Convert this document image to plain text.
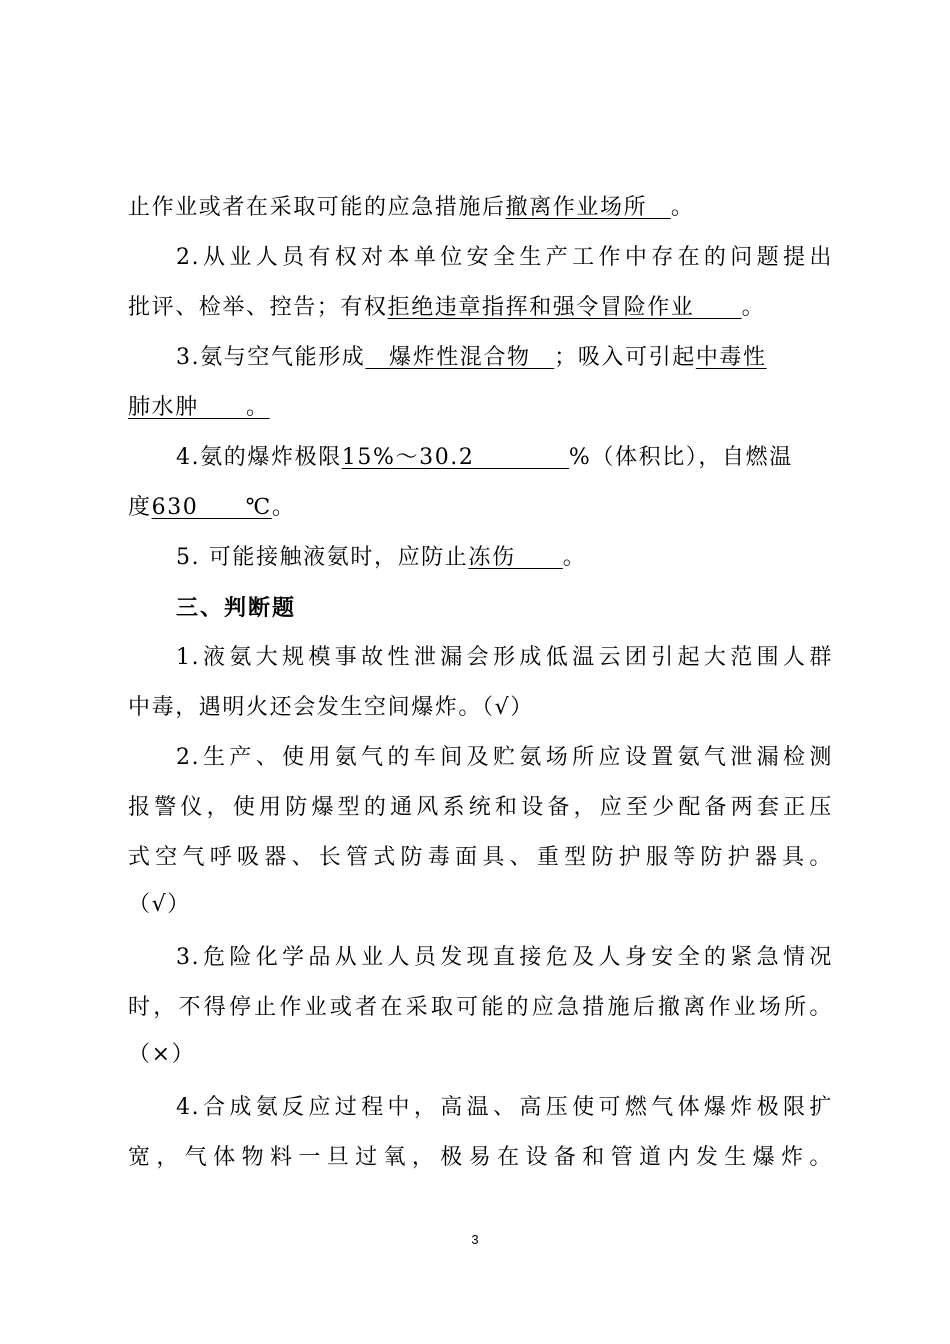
止作业或者在采取可能的应急措施后撤离作业场所　。
2.从业人员有权对本单位安全生产工作中存在的问题提出
批评、检举、控告；有权拒绝违章指挥和强令冒险作业　　。
3.氨与空气能形成　爆炸性混合物　；吸入可引起中毒性
肺水肿　　。
4.氨的爆炸极限15%～30.2　　　　%（体积比），自燃温
度630　　℃。
5. 可能接触液氨时，应防止冻伤　　。
三、判断题
1.液氨大规模事故性泄漏会形成低温云团引起大范围人群
中毒，遇明火还会发生空间爆炸。（√）
2.生产、使用氨气的车间及贮氨场所应设置氨气泄漏检测
报警仪，使用防爆型的通风系统和设备，应至少配备两套正压
式空气呼吸器、长管式防毒面具、重型防护服等防护器具。
（√）
3.危险化学品从业人员发现直接危及人身安全的紧急情况
时，不得停止作业或者在采取可能的应急措施后撤离作业场所。
（×）
4.合成氨反应过程中，高温、高压使可燃气体爆炸极限扩
宽，气体物料一旦过氧，极易在设备和管道内发生爆炸。
3
